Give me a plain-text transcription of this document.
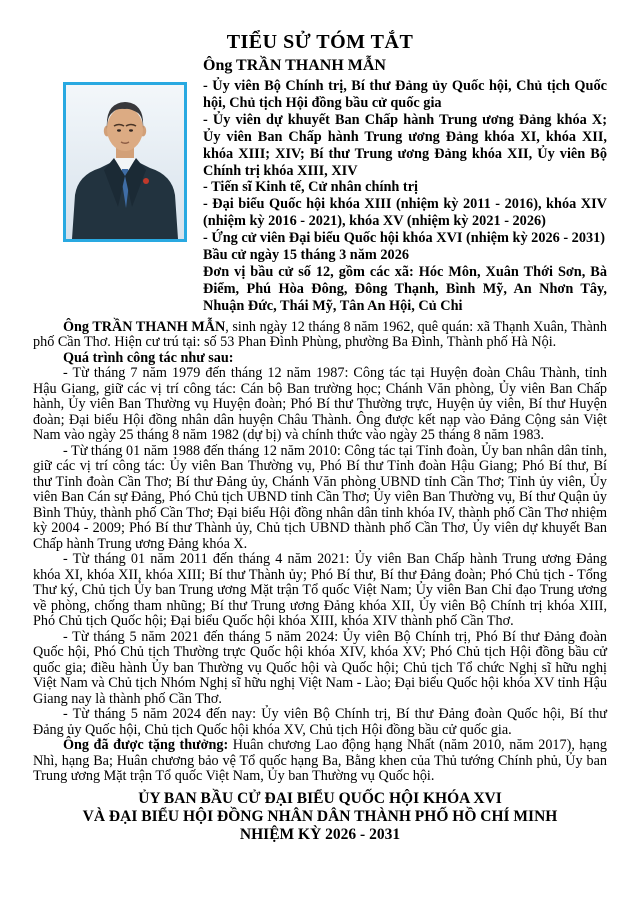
TIỂU SỬ TÓM TẮT
Ông TRẦN THANH MẪN

- Ủy viên Bộ Chính trị, Bí thư Đảng ủy Quốc hội, Chủ tịch Quốc hội, Chủ tịch Hội đồng bầu cử quốc gia

- Ủy viên dự khuyết Ban Chấp hành Trung ương Đảng khóa X; Ủy viên Ban Chấp hành Trung ương Đảng khóa XI, khóa XII, khóa XIII; XIV; Bí thư Trung ương Đảng khóa XII, Ủy viên Bộ Chính trị khóa XIII, XIV

- Tiến sĩ Kinh tế, Cử nhân chính trị

- Đại biểu Quốc hội khóa XIII (nhiệm kỳ 2011 - 2016), khóa XIV (nhiệm kỳ 2016 - 2021), khóa XV (nhiệm kỳ 2021 - 2026)

- Ứng cử viên Đại biểu Quốc hội khóa XVI (nhiệm kỳ 2026 - 2031)

Bầu cử ngày 15 tháng 3 năm 2026

Đơn vị bầu cử số 12, gồm các xã: Hóc Môn, Xuân Thới Sơn, Bà Điểm, Phú Hòa Đông, Đông Thạnh, Bình Mỹ, An Nhơn Tây, Nhuận Đức, Thái Mỹ, Tân An Hội, Củ Chi

Ông TRẦN THANH MẪN, sinh ngày 12 tháng 8 năm 1962, quê quán: xã Thạnh Xuân, Thành phố Cần Thơ. Hiện cư trú tại: số 53 Phan Đình Phùng, phường Ba Đình, Thành phố Hà Nội.

Quá trình công tác như sau:

- Từ tháng 7 năm 1979 đến tháng 12 năm 1987: Công tác tại Huyện đoàn Châu Thành, tỉnh Hậu Giang, giữ các vị trí công tác: Cán bộ Ban trường học; Chánh Văn phòng, Ủy viên Ban Chấp hành, Ủy viên Ban Thường vụ Huyện đoàn; Phó Bí thư Thường trực, Huyện ủy viên, Bí thư Huyện đoàn; Đại biểu Hội đồng nhân dân huyện Châu Thành. Ông được kết nạp vào Đảng Cộng sản Việt Nam vào ngày 25 tháng 8 năm 1982 (dự bị) và chính thức vào ngày 25 tháng 8 năm 1983.

- Từ tháng 01 năm 1988 đến tháng 12 năm 2010: Công tác tại Tỉnh đoàn, Ủy ban nhân dân tỉnh, giữ các vị trí công tác: Ủy viên Ban Thường vụ, Phó Bí thư Tỉnh đoàn Hậu Giang; Phó Bí thư, Bí thư Tỉnh đoàn Cần Thơ; Bí thư Đảng ủy, Chánh Văn phòng UBND tỉnh Cần Thơ; Tỉnh ủy viên, Ủy viên Ban Cán sự Đảng, Phó Chủ tịch UBND tỉnh Cần Thơ; Ủy viên Ban Thường vụ, Bí thư Quận ủy Bình Thủy, thành phố Cần Thơ; Đại biểu Hội đồng nhân dân tỉnh khóa IV, thành phố Cần Thơ nhiệm kỳ 2004 - 2009; Phó Bí thư Thành ủy, Chủ tịch UBND thành phố Cần Thơ, Ủy viên dự khuyết Ban Chấp hành Trung ương Đảng khóa X.

- Từ tháng 01 năm 2011 đến tháng 4 năm 2021: Ủy viên Ban Chấp hành Trung ương Đảng khóa XI, khóa XII, khóa XIII; Bí thư Thành ủy; Phó Bí thư, Bí thư Đảng đoàn; Phó Chủ tịch - Tổng Thư ký, Chủ tịch Ủy ban Trung ương Mặt trận Tổ quốc Việt Nam; Ủy viên Ban Chỉ đạo Trung ương về phòng, chống tham nhũng; Bí thư Trung ương Đảng khóa XII, Ủy viên Bộ Chính trị khóa XIII, Phó Chủ tịch Quốc hội; Đại biểu Quốc hội khóa XIII, khóa XIV thành phố Cần Thơ.

- Từ tháng 5 năm 2021 đến tháng 5 năm 2024: Ủy viên Bộ Chính trị, Phó Bí thư Đảng đoàn Quốc hội, Phó Chủ tịch Thường trực Quốc hội khóa XIV, khóa XV; Phó Chủ tịch Hội đồng bầu cử quốc gia; điều hành Ủy ban Thường vụ Quốc hội và Quốc hội; Chủ tịch Tổ chức Nghị sĩ hữu nghị Việt Nam và Chủ tịch Nhóm Nghị sĩ hữu nghị Việt Nam - Lào; Đại biểu Quốc hội khóa XV tỉnh Hậu Giang nay là thành phố Cần Thơ.

- Từ tháng 5 năm 2024 đến nay: Ủy viên Bộ Chính trị, Bí thư Đảng đoàn Quốc hội, Bí thư Đảng ủy Quốc hội, Chủ tịch Quốc hội khóa XV, Chủ tịch Hội đồng bầu cử quốc gia.

Ông đã được tặng thưởng: Huân chương Lao động hạng Nhất (năm 2010, năm 2017), hạng Nhì, hạng Ba; Huân chương bảo vệ Tổ quốc hạng Ba, Bằng khen của Thủ tướng Chính phủ, Ủy ban Trung ương Mặt trận Tổ quốc Việt Nam, Ủy ban Thường vụ Quốc hội.

ỦY BAN BẦU CỬ ĐẠI BIỂU QUỐC HỘI KHÓA XVI
VÀ ĐẠI BIỂU HỘI ĐỒNG NHÂN DÂN THÀNH PHỐ HỒ CHÍ MINH
NHIỆM KỲ 2026 - 2031
